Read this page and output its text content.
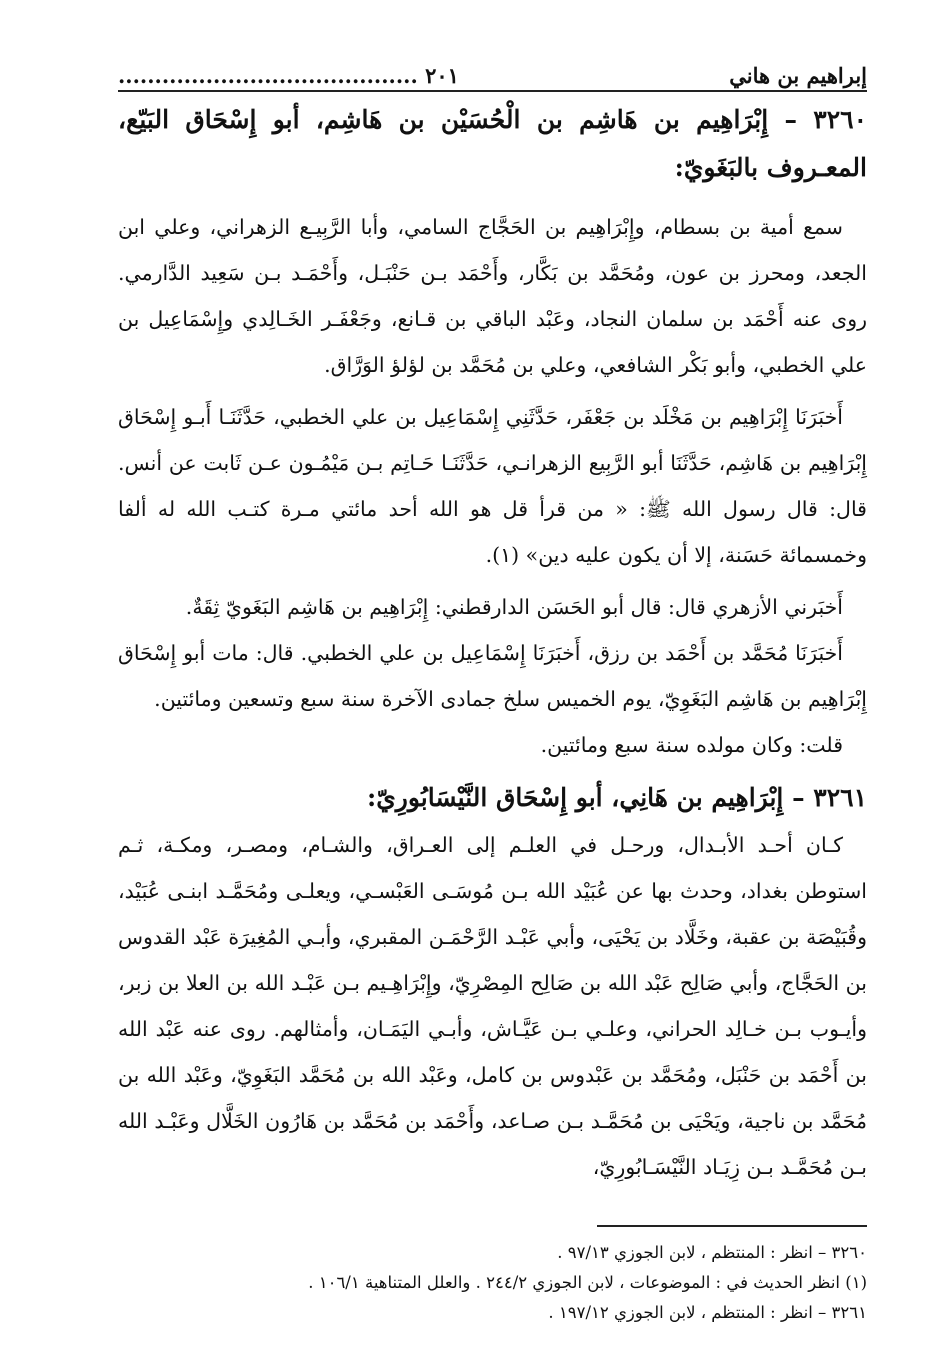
إبراهيم بن هاني
٢٠١ .........................................

٣٢٦٠ – إِبْرَاهِيم بن هَاشِم بن الْحُسَيْن بن هَاشِم، أبو إِسْحَاق البَيّع، المعـروف بالبَغَويّ:

سمع أمية بن بسطام، وإِبْرَاهِيم بن الحَجَّاج السامي، وأبا الرَّبِيـع الزهراني، وعلي ابن الجعد، ومحرز بن عون، ومُحَمَّد بن بَكَّار، وأَحْمَد بـن حَنْبَـل، وأَحْمَـد بـن سَعِيد الدَّارمي. روى عنه أَحْمَد بن سلمان النجاد، وعَبْد الباقي بن قـانع، وجَعْفَـر الخَـالِدي وإِسْمَاعِيل بن علي الخطبي، وأبو بَكْر الشافعي، وعلي بن مُحَمَّد بن لؤلؤ الوَرَّاق.

أَخبَرَنَا إِبْرَاهِيم بن مَخْلَد بن جَعْفَر، حَدَّثَنِي إِسْمَاعِيل بن علي الخطبي، حَدَّثَنَـا أَبـو إِسْحَاق إِبْرَاهِيم بن هَاشِم، حَدَّثَنَا أبو الرَّبِيع الزهرانـي، حَدَّثَنَـا حَـاتِم بـن مَيْمُـون عـن ثَابت عن أنس. قال: قال رسول الله ﷺ: « من قرأ قل هو الله أحد مائتي مـرة كتـب الله له ألفا وخمسمائة حَسَنة، إلا أن يكون عليه دين» (١).

أَخبَرني الأزهري قال: قال أبو الحَسَن الدارقطني: إِبْرَاهِيم بن هَاشِم البَغَويّ ثِقَةٌ.

أَخبَرَنَا مُحَمَّد بن أَحْمَد بن رزق، أَخبَرَنَا إِسْمَاعِيل بن علي الخطبي. قال: مات أبو إِسْحَاق إِبْرَاهِيم بن هَاشِم البَغَوِيّ، يوم الخميس سلخ جمادى الآخرة سنة سبع وتسعين ومائتين.

قلت: وكان مولده سنة سبع ومائتين.

٣٢٦١ – إِبْرَاهِيم بن هَانِي، أبو إِسْحَاق النَّيْسَابُورِيّ:

كـان أحـد الأبـدال، ورحـل في العلـم إلى العـراق، والشـام، ومصـر، ومكـة، ثـم استوطن بغداد، وحدث بها عن عُبَيْد الله بـن مُوسَـى العَبْسـي، ويعلـى ومُحَمَّـد ابنـى عُبَيْد، وقُبَيْصَة بن عقبة، وخَلَّاد بن يَحْيَى، وأبي عَبْـد الرَّحْمَـن المقبري، وأبـي المُغِيرَة عَبْد القدوس بن الحَجَّاج، وأبي صَالِح عَبْد الله بن صَالِح المِصْرِيّ، وإِبْرَاهِـيم بـن عَبْـد الله بن العلا بن زبر، وأيـوب بـن خـالِد الحراني، وعلـي بـن عَيَّـاش، وأبـي اليَمَـان، وأمثالهم. روى عنه عَبْد الله بن أَحْمَد بن حَنْبَل، ومُحَمَّد بن عَبْدوس بن كامل، وعَبْد الله بن مُحَمَّد البَغَوِيّ، وعَبْد الله بن مُحَمَّد بن ناجية، ويَحْيَى بن مُحَمَّـد بـن صـاعد، وأَحْمَد بن مُحَمَّد بن هَارُون الخَلَّال وعَبْـد الله بـن مُحَمَّـد بـن زِيَـاد النَّيْسَـابُورِيّ،

٣٢٦٠ – انظر : المنتظم ، لابن الجوزي ٩٧/١٣ .
(١) انظر الحديث في : الموضوعات ، لابن الجوزي ٢٤٤/٢ . والعلل المتناهية ١٠٦/١ .
٣٢٦١ – انظر : المنتظم ، لابن الجوزي ١٩٧/١٢ .
